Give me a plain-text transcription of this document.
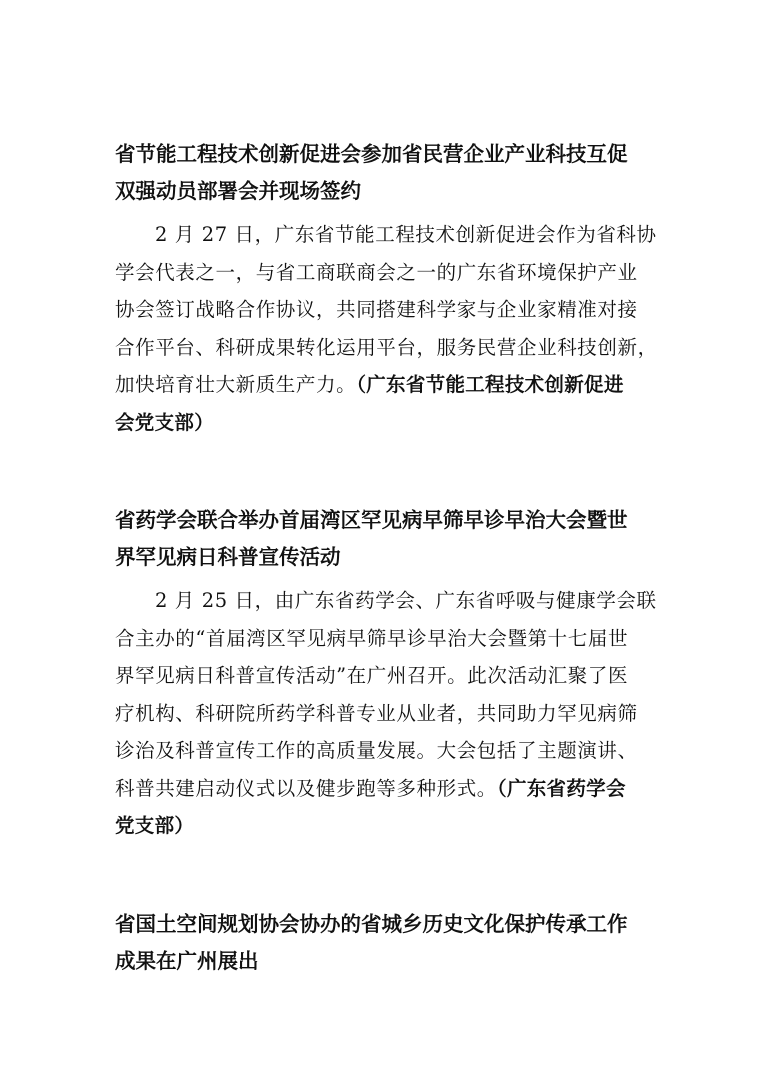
省节能工程技术创新促进会参加省民营企业产业科技互促
双强动员部署会并现场签约
2 月 27 日，广东省节能工程技术创新促进会作为省科协
学会代表之一，与省工商联商会之一的广东省环境保护产业
协会签订战略合作协议，共同搭建科学家与企业家精准对接
合作平台、科研成果转化运用平台，服务民营企业科技创新，
加快培育壮大新质生产力。（广东省节能工程技术创新促进
会党支部）
省药学会联合举办首届湾区罕见病早筛早诊早治大会暨世
界罕见病日科普宣传活动
2 月 25 日，由广东省药学会、广东省呼吸与健康学会联
合主办的“首届湾区罕见病早筛早诊早治大会暨第十七届世
界罕见病日科普宣传活动”在广州召开。此次活动汇聚了医
疗机构、科研院所药学科普专业从业者，共同助力罕见病筛
诊治及科普宣传工作的高质量发展。大会包括了主题演讲、
科普共建启动仪式以及健步跑等多种形式。（广东省药学会
党支部）
省国土空间规划协会协办的省城乡历史文化保护传承工作
成果在广州展出
